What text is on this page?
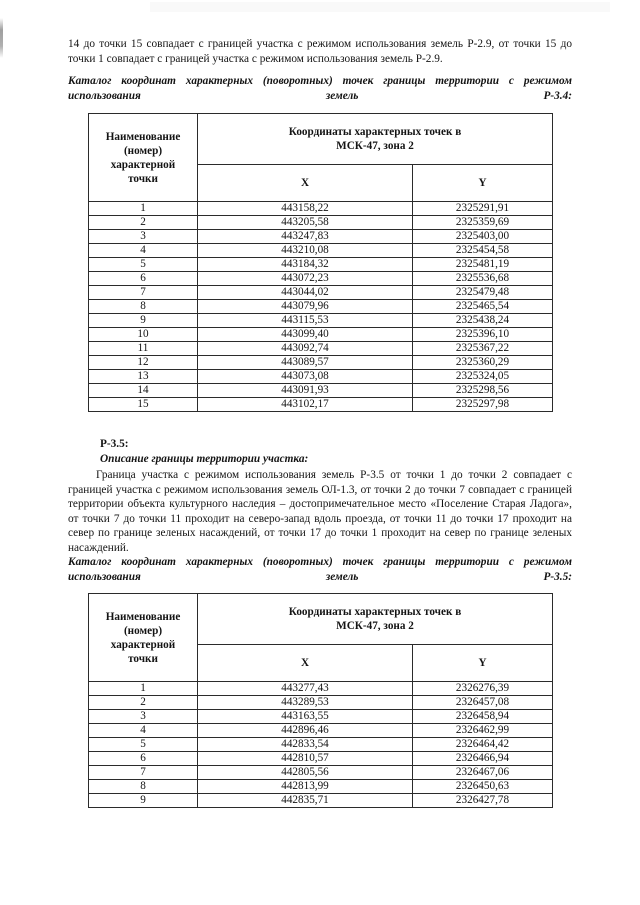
14 до точки 15 совпадает с границей участка с режимом использования земель Р-2.9, от точки 15 до точки 1 совпадает с границей участка с режимом использования земель Р-2.9.
Каталог координат характерных (поворотных) точек границы территории с режимом использования земель Р-3.4:
Наименование
(номер)
характерной
точки

Координаты характерных точек в
МСК-47, зона 2

	X	Y
1	443158,22	2325291,91
2	443205,58	2325359,69
3	443247,83	2325403,00
4	443210,08	2325454,58
5	443184,32	2325481,19
6	443072,23	2325536,68
7	443044,02	2325479,48
8	443079,96	2325465,54
9	443115,53	2325438,24
10	443099,40	2325396,10
11	443092,74	2325367,22
12	443089,57	2325360,29
13	443073,08	2325324,05
14	443091,93	2325298,56
15	443102,17	2325297,98
Р-3.5:
Описание границы территории участка:
Граница участка с режимом использования земель Р-3.5 от точки 1 до точки 2 совпадает с границей участка с режимом использования земель ОЛ-1.3, от точки 2 до точки 7 совпадает с границей территории объекта культурного наследия – достопримечательное место «Поселение Старая Ладога», от точки 7 до точки 11 проходит на северо-запад вдоль проезда, от точки 11 до точки 17 проходит на север по границе зеленых насаждений, от точки 17 до точки 1 проходит на север по границе зеленых насаждений.
Каталог координат характерных (поворотных) точек границы территории с режимом использования земель Р-3.5:
Наименование
(номер)
характерной
точки

Координаты характерных точек в
МСК-47, зона 2

	X	Y
1	443277,43	2326276,39
2	443289,53	2326457,08
3	443163,55	2326458,94
4	442896,46	2326462,99
5	442833,54	2326464,42
6	442810,57	2326466,94
7	442805,56	2326467,06
8	442813,99	2326450,63
9	442835,71	2326427,78
